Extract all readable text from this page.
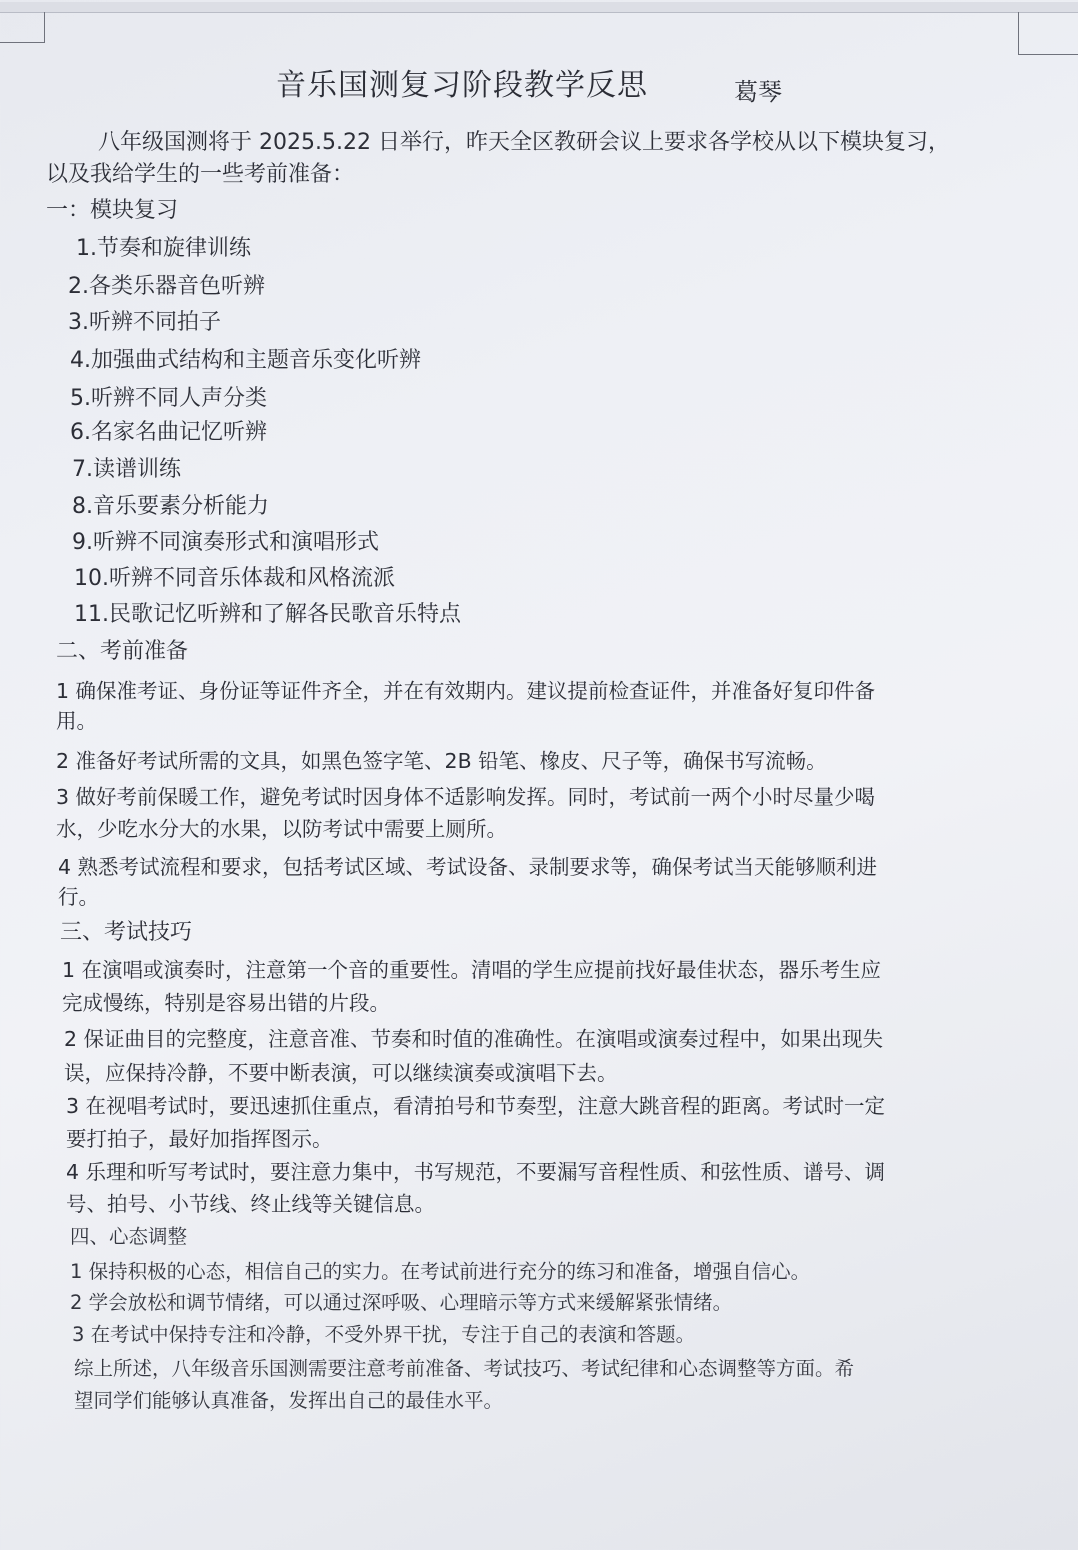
音乐国测复习阶段教学反思	葛琴
八年级国测将于 2025.5.22 日举行，昨天全区教研会议上要求各学校从以下模块复习，
以及我给学生的一些考前准备：
一：模块复习
1.节奏和旋律训练
2.各类乐器音色听辨
3.听辨不同拍子
4.加强曲式结构和主题音乐变化听辨
5.听辨不同人声分类
6.名家名曲记忆听辨
7.读谱训练
8.音乐要素分析能力
9.听辨不同演奏形式和演唱形式
10.听辨不同音乐体裁和风格流派
11.民歌记忆听辨和了解各民歌音乐特点
二、考前准备
1 确保准考证、身份证等证件齐全，并在有效期内。建议提前检查证件，并准备好复印件备
用。
2 准备好考试所需的文具，如黑色签字笔、2B 铅笔、橡皮、尺子等，确保书写流畅。
3 做好考前保暖工作，避免考试时因身体不适影响发挥。同时，考试前一两个小时尽量少喝
水，少吃水分大的水果，以防考试中需要上厕所。
4 熟悉考试流程和要求，包括考试区域、考试设备、录制要求等，确保考试当天能够顺利进
行。
三、考试技巧
1 在演唱或演奏时，注意第一个音的重要性。清唱的学生应提前找好最佳状态，器乐考生应
完成慢练，特别是容易出错的片段。
2 保证曲目的完整度，注意音准、节奏和时值的准确性。在演唱或演奏过程中，如果出现失
误，应保持冷静，不要中断表演，可以继续演奏或演唱下去。
3 在视唱考试时，要迅速抓住重点，看清拍号和节奏型，注意大跳音程的距离。考试时一定
要打拍子，最好加指挥图示。
4 乐理和听写考试时，要注意力集中，书写规范，不要漏写音程性质、和弦性质、谱号、调
号、拍号、小节线、终止线等关键信息。
四、心态调整
1 保持积极的心态，相信自己的实力。在考试前进行充分的练习和准备，增强自信心。
2 学会放松和调节情绪，可以通过深呼吸、心理暗示等方式来缓解紧张情绪。
3 在考试中保持专注和冷静，不受外界干扰，专注于自己的表演和答题。
综上所述，八年级音乐国测需要注意考前准备、考试技巧、考试纪律和心态调整等方面。希
望同学们能够认真准备，发挥出自己的最佳水平。
